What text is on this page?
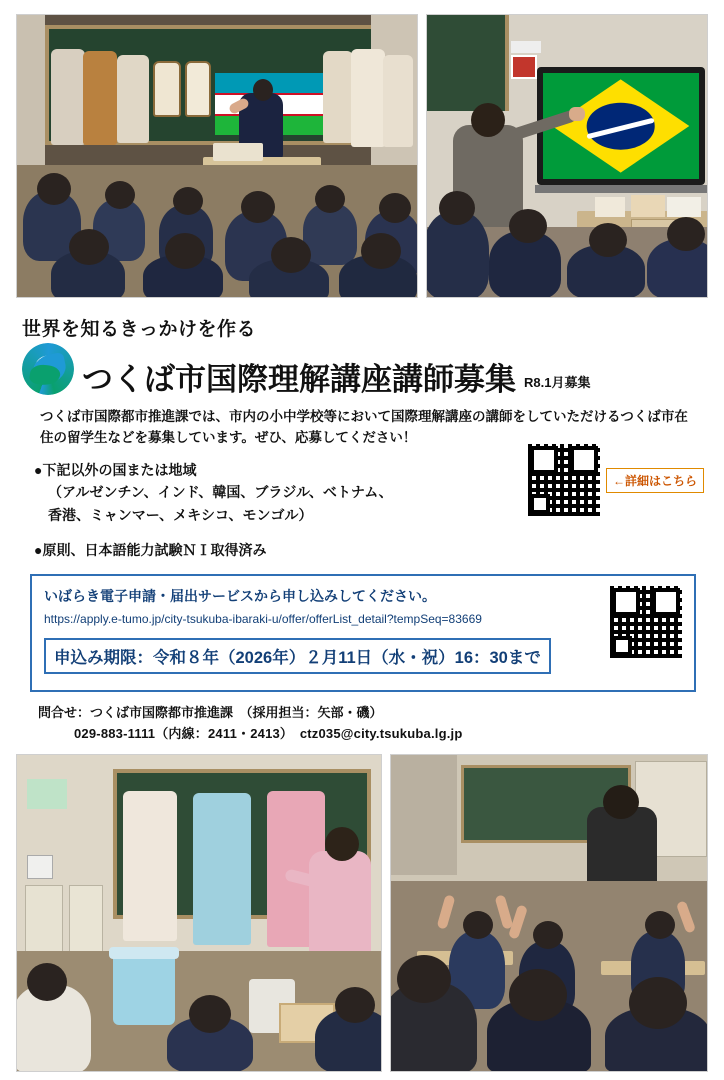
世界を知るきっかけを作る
つくば市国際理解講座講師募集 R8.1月募集
つくば市国際都市推進課では、市内の小中学校等において国際理解講座の講師をしていただけるつくば市在住の留学生などを募集しています。ぜひ、応募してください！
●下記以外の国または地域
（アルゼンチン、インド、韓国、ブラジル、ベトナム、
香港、ミャンマー、メキシコ、モンゴル）
●原則、日本語能力試験ＮⅠ取得済み
←詳細はこちら
いばらき電子申請・届出サービスから申し込みしてください。
https://apply.e-tumo.jp/city-tsukuba-ibaraki-u/offer/offerList_detail?tempSeq=83669
申込み期限：令和８年（2026年）２月11日（水・祝）16：30まで
問合せ：つくば市国際都市推進課　（採用担当：矢部・磯）
029-883-1111（内線：2411・2413）　ctz035@city.tsukuba.lg.jp
